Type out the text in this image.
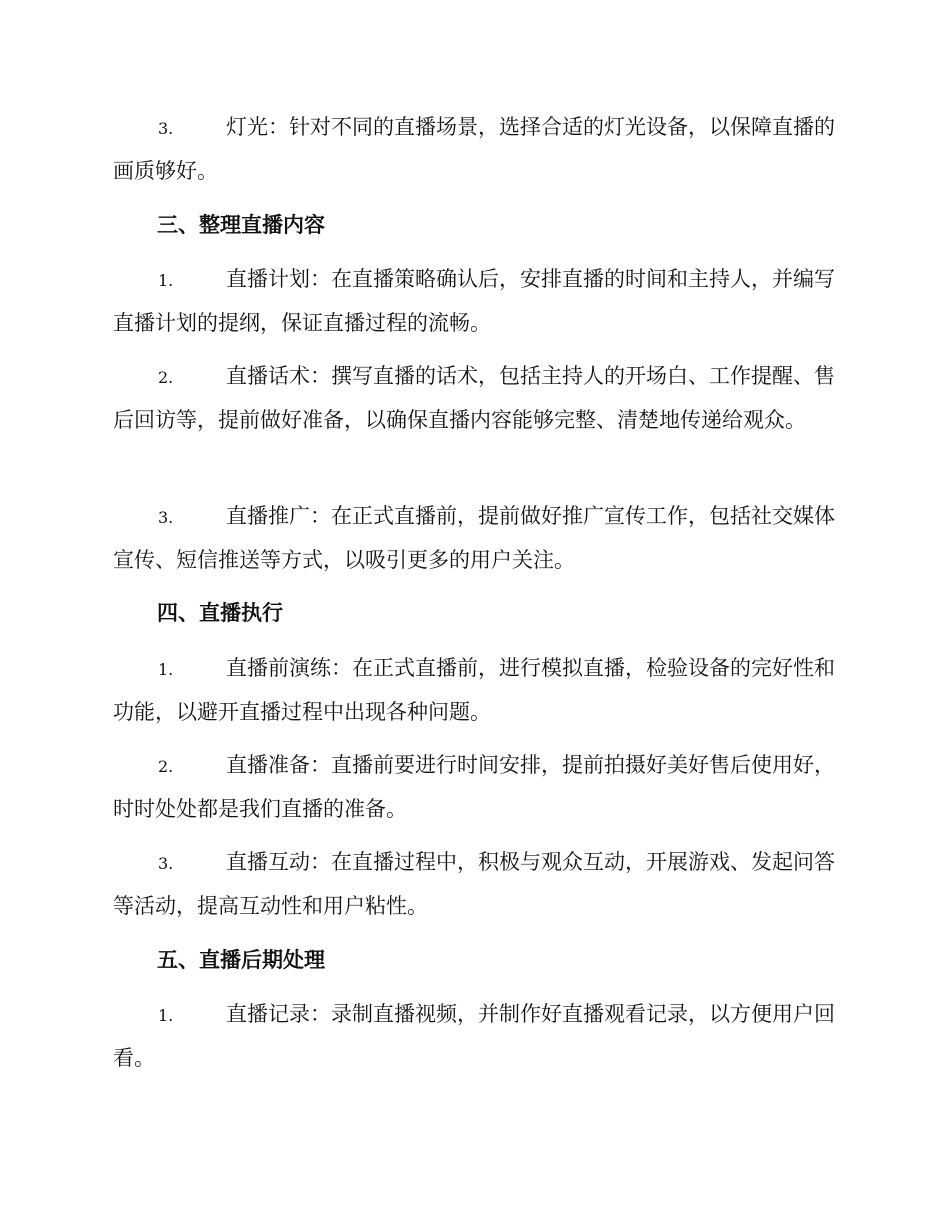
3.	灯光：针对不同的直播场景，选择合适的灯光设备，以保障直播的画质够好。

三、整理直播内容

1.	直播计划：在直播策略确认后，安排直播的时间和主持人，并编写直播计划的提纲，保证直播过程的流畅。

2.	直播话术：撰写直播的话术，包括主持人的开场白、工作提醒、售后回访等，提前做好准备，以确保直播内容能够完整、清楚地传递给观众。

3.	直播推广：在正式直播前，提前做好推广宣传工作，包括社交媒体宣传、短信推送等方式，以吸引更多的用户关注。

四、直播执行

1.	直播前演练：在正式直播前，进行模拟直播，检验设备的完好性和功能，以避开直播过程中出现各种问题。

2.	直播准备：直播前要进行时间安排，提前拍摄好美好售后使用好，时时处处都是我们直播的准备。

3.	直播互动：在直播过程中，积极与观众互动，开展游戏、发起问答等活动，提高互动性和用户粘性。

五、直播后期处理

1.	直播记录：录制直播视频，并制作好直播观看记录，以方便用户回看。
